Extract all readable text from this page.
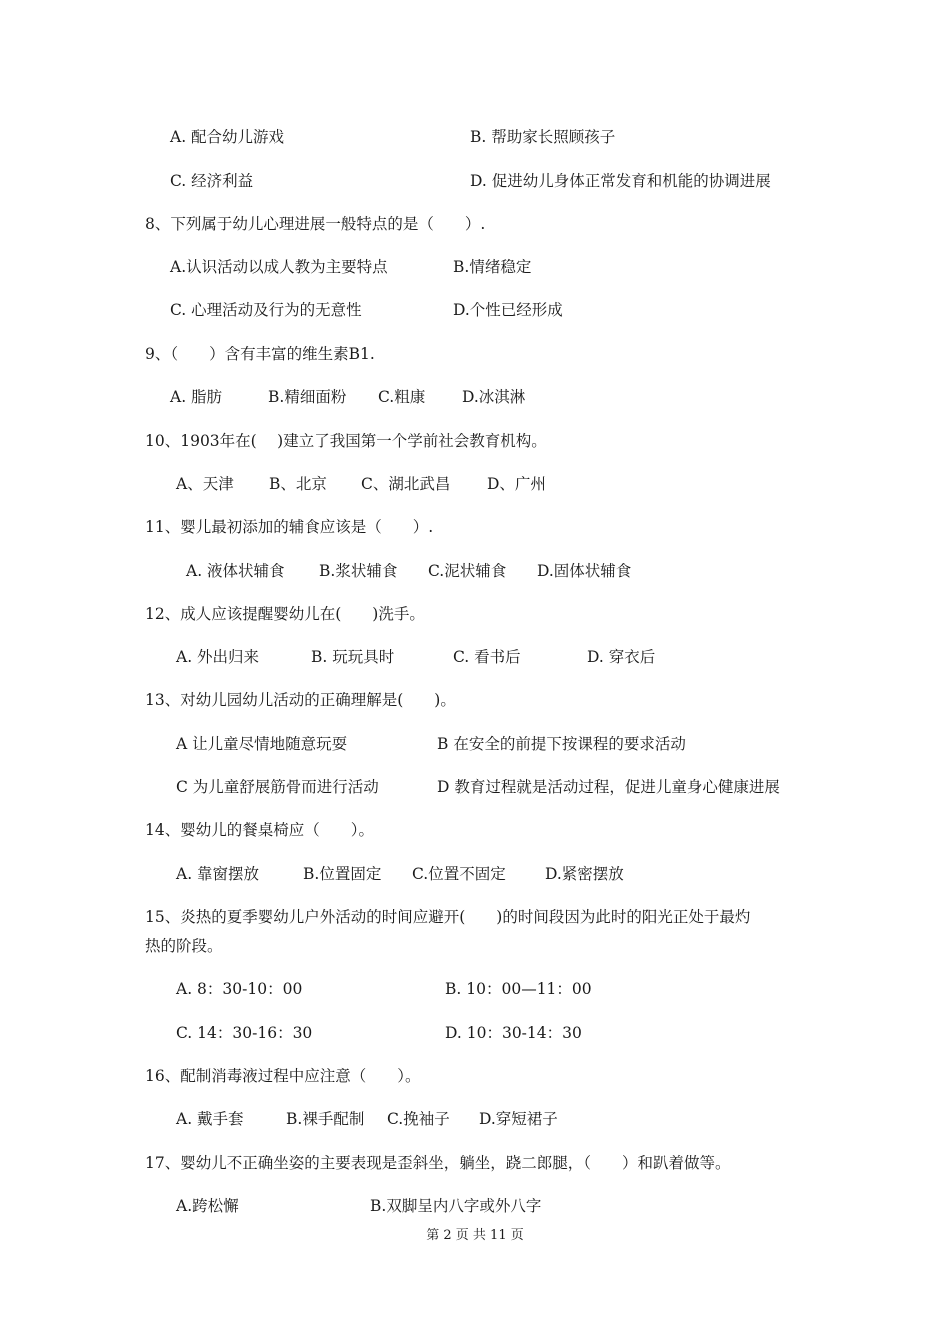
A. 配合幼儿游戏	B. 帮助家长照顾孩子
C. 经济利益	D. 促进幼儿身体正常发育和机能的协调进展
8、下列属于幼儿心理进展一般特点的是（　　）.
A.认识活动以成人教为主要特点	B.情绪稳定
C. 心理活动及行为的无意性	D.个性已经形成
9、（　　）含有丰富的维生素B1.
A. 脂肪	B.精细面粉 C.粗康 D.冰淇淋
10、1903年在(　 )建立了我国第一个学前社会教育机构。
A、天津 B、北京 C、湖北武昌 D、广州
11、婴儿最初添加的辅食应该是（　　）.
A. 液体状辅食 B.浆状辅食 C.泥状辅食 D.固体状辅食
12、成人应该提醒婴幼儿在(　　)洗手。
A. 外出归来	B. 玩玩具时	C. 看书后	D. 穿衣后
13、对幼儿园幼儿活动的正确理解是(　　)。
A 让儿童尽情地随意玩耍	B 在安全的前提下按课程的要求活动
C 为儿童舒展筋骨而进行活动	D 教育过程就是活动过程，促进儿童身心健康进展
14、婴幼儿的餐桌椅应（　　）。
A. 靠窗摆放	B.位置固定 C.位置不固定	D.紧密摆放
15、炎热的夏季婴幼儿户外活动的时间应避开(　　)的时间段因为此时的阳光正处于最灼
热的阶段。
A. 8：30-10：00	B. 10：00—11：00
C. 14：30-16：30	D. 10：30-14：30
16、配制消毒液过程中应注意（　　）。
A. 戴手套	B.裸手配制 C.挽袖子 D.穿短裙子
17、婴幼儿不正确坐姿的主要表现是歪斜坐，躺坐，跷二郎腿，（　　）和趴着做等。
A.跨松懈	B.双脚呈内八字或外八字
第 2 页 共 11 页
